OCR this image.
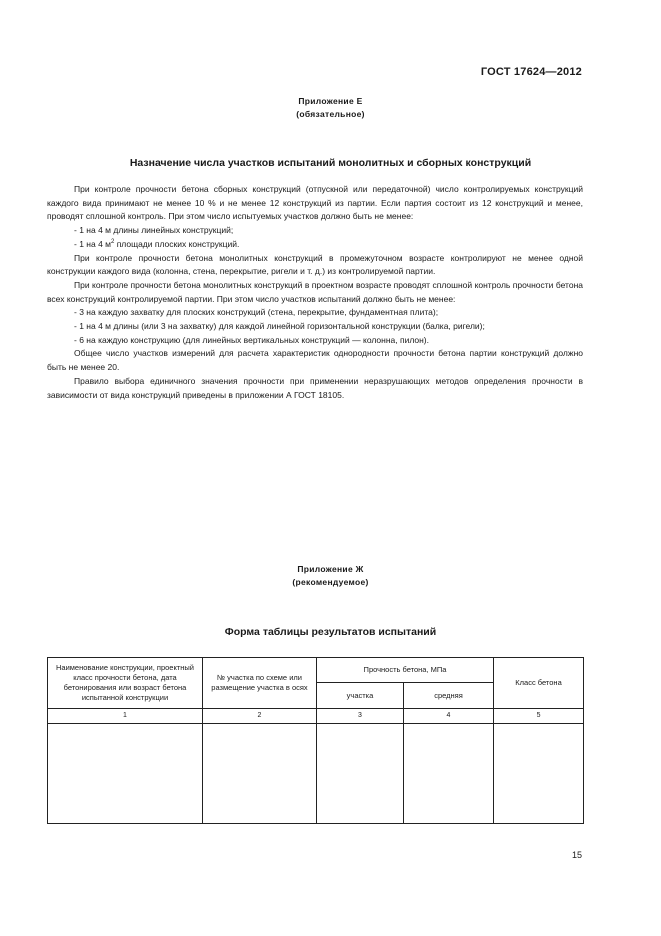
ГОСТ 17624—2012
Приложение Е
(обязательное)
Назначение числа участков испытаний монолитных и сборных конструкций

При контроле прочности бетона сборных конструкций (отпускной или передаточной) число контролируемых конструкций каждого вида принимают не менее 10 % и не менее 12 конструкций из партии. Если партия состоит из 12 конструкций и менее, проводят сплошной контроль. При этом число испытуемых участков должно быть не менее:

- 1 на 4 м длины линейных конструкций;

- 1 на 4 $м^2$ площади плоских конструкций.

При контроле прочности бетона монолитных конструкций в промежуточном возрасте контролируют не менее одной конструкции каждого вида (колонна, стена, перекрытие, ригели и т. д.) из контролируемой партии.

При контроле прочности бетона монолитных конструкций в проектном возрасте проводят сплошной контроль прочности бетона всех конструкций контролируемой партии. При этом число участков испытаний должно быть не менее:

- 3 на каждую захватку для плоских конструкций (стена, перекрытие, фундаментная плита);

- 1 на 4 м длины (или 3 на захватку) для каждой линейной горизонтальной конструкции (балка, ригели);

- 6 на каждую конструкцию (для линейных вертикальных конструкций — колонна, пилон).

Общее число участков измерений для расчета характеристик однородности прочности бетона партии конструкций должно быть не менее 20.

Правило выбора единичного значения прочности при применении неразрушающих методов определения прочности в зависимости от вида конструкций приведены в приложении А ГОСТ 18105.

Приложение Ж
(рекомендуемое)
Форма таблицы результатов испытаний
Наименование конструкции, проектный класс прочности бетона, дата бетонирования или возраст бетона испытанной конструкции	№ участка по схеме или размещение участка в осях	Прочность бетона, МПа		Класс бетона
		участка	средняя	
1	2	3	4	5

15
